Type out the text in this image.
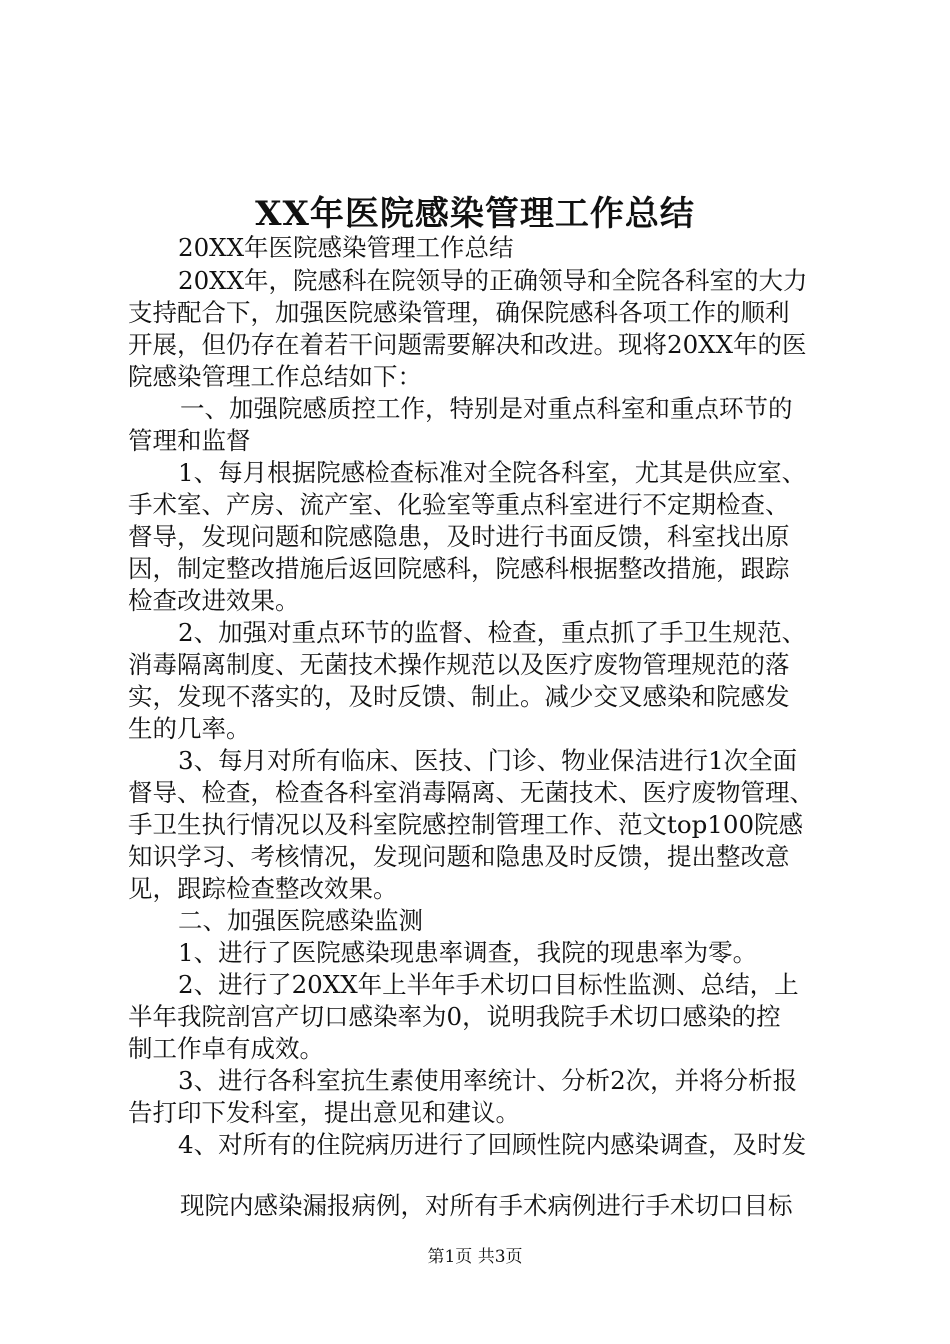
XX年医院感染管理工作总结
20XX年医院感染管理工作总结
20XX年，院感科在院领导的正确领导和全院各科室的大力
支持配合下，加强医院感染管理，确保院感科各项工作的顺利
开展，但仍存在着若干问题需要解决和改进。现将20XX年的医
院感染管理工作总结如下：
一、加强院感质控工作，特别是对重点科室和重点环节的
管理和监督
1、每月根据院感检查标准对全院各科室，尤其是供应室、
手术室、产房、流产室、化验室等重点科室进行不定期检查、
督导，发现问题和院感隐患，及时进行书面反馈，科室找出原
因，制定整改措施后返回院感科，院感科根据整改措施，跟踪
检查改进效果。
2、加强对重点环节的监督、检查，重点抓了手卫生规范、
消毒隔离制度、无菌技术操作规范以及医疗废物管理规范的落
实，发现不落实的，及时反馈、制止。减少交叉感染和院感发
生的几率。
3、每月对所有临床、医技、门诊、物业保洁进行1次全面
督导、检查，检查各科室消毒隔离、无菌技术、医疗废物管理、
手卫生执行情况以及科室院感控制管理工作、范文top100院感
知识学习、考核情况，发现问题和隐患及时反馈，提出整改意
见，跟踪检查整改效果。
二、加强医院感染监测
1、进行了医院感染现患率调查，我院的现患率为零。
2、进行了20XX年上半年手术切口目标性监测、总结，上
半年我院剖宫产切口感染率为0，说明我院手术切口感染的控
制工作卓有成效。
3、进行各科室抗生素使用率统计、分析2次，并将分析报
告打印下发科室，提出意见和建议。
4、对所有的住院病历进行了回顾性院内感染调查，及时发
现院内感染漏报病例，对所有手术病例进行手术切口目标
第1页 共3页
